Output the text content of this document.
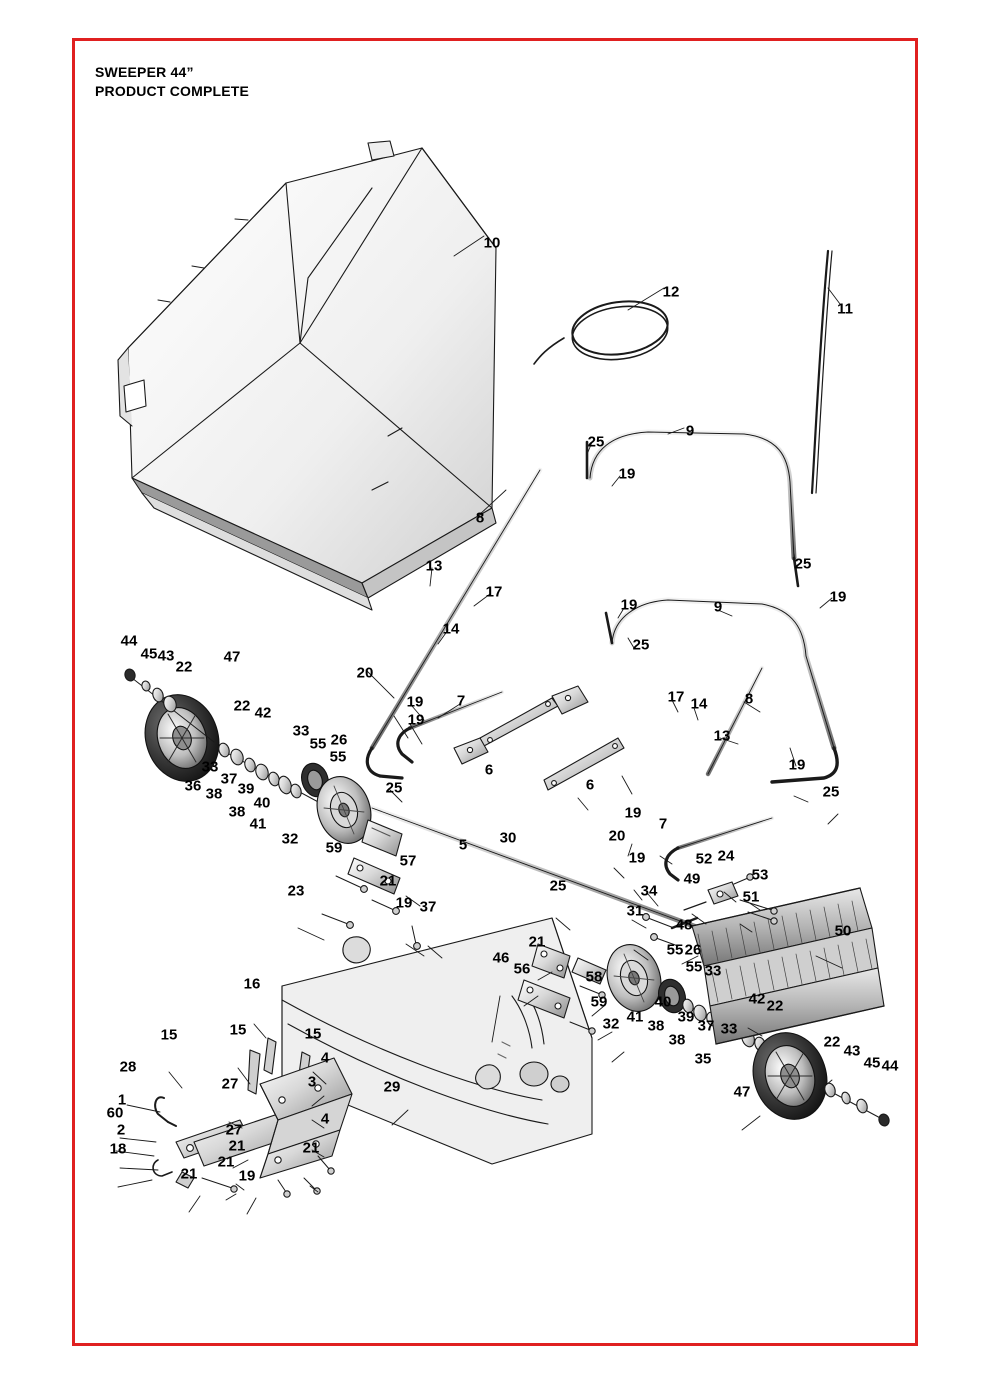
SWEEPER 44”
PRODUCT COMPLETE
10
12
11
9
25
19
8
25
13
17	19
19	9
14
44	25
45 43
20
22
47
17 14 8
7
19
22 42	19
13
33
26
55
33
55
37
36 38 39
19
40
25
38
41
25
6
6
19
20
7
32	5 30
19
59
52 24
49	53
57
21	25	34	51
23
31
19 37
48	50
21	55 26
46
56	55 33
58
16
59	42 22
32 41
40
39
37 33
15	15	15	22
43
38
38
45 44
28
4	35
27	3	29
1
60
47
4
2	27
18	21	21
21
21	19
